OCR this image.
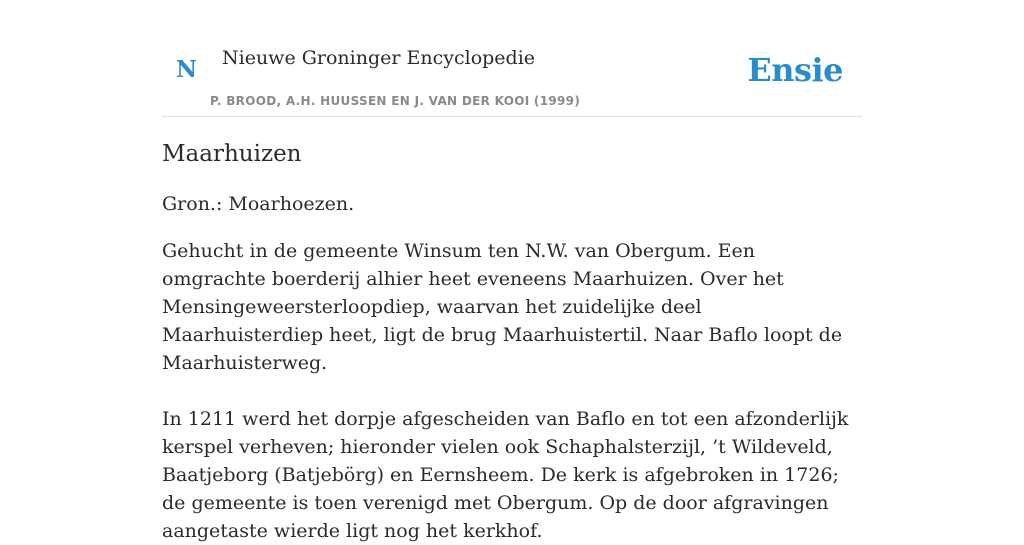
N Nieuwe Groninger Encyclopedie
P. BROOD, A.H. HUUSSEN EN J. VAN DER KOOI (1999)
Ensie
Maarhuizen

Gron.: Moarhoezen.

Gehucht in de gemeente Winsum ten N.W. van Obergum. Een omgrachte boerderij alhier heet eveneens Maarhuizen. Over het Mensingeweersterloopdiep, waarvan het zuidelijke deel Maarhuisterdiep heet, ligt de brug Maarhuistertil. Naar Baflo loopt de Maarhuisterweg.

In 1211 werd het dorpje afgescheiden van Baflo en tot een afzonderlijk kerspel verheven; hieronder vielen ook Schaphalsterzijl, ’t Wildeveld, Baatjeborg (Batjebörg) en Eernsheem. De kerk is afgebroken in 1726; de gemeente is toen verenigd met Obergum. Op de door afgravingen aangetaste wierde ligt nog het kerkhof.
